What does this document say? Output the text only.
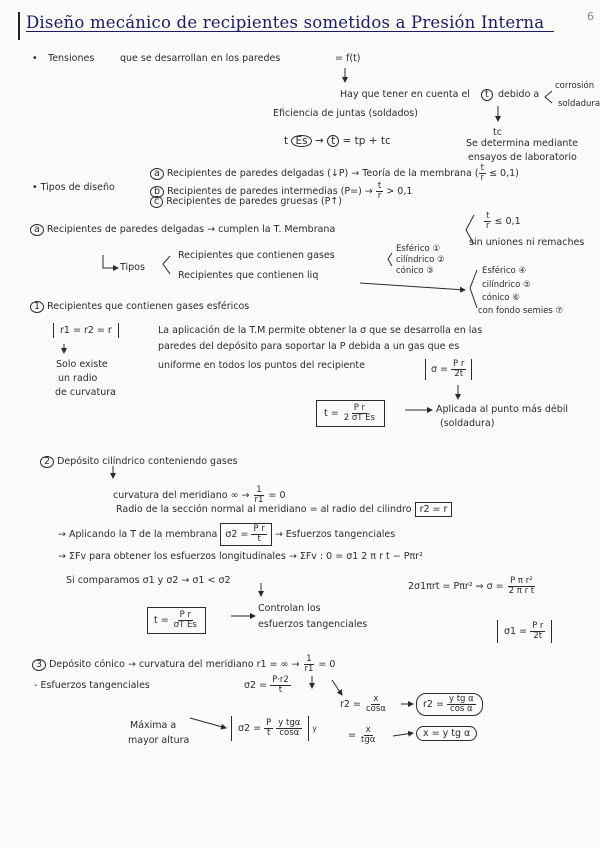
6
Diseño mecánico de recipientes sometidos a Presión Interna
• Tensiones	que se desarrollan en los paredes	= f(t)
Hay que tener en cuenta el	t debido a
corrosión
soldadura
Eficiencia de juntas (soldados)
t Es → t = tp + tc
tc
Se determina mediante
ensayos de laboratorio
• Tipos de diseño
a Recipientes de paredes delgadas (↓P) → Teoría de la membrana ( $\frac{t}{r} \le 0,1$)
b Recipientes de paredes intermedias $(P=) \to \frac{t}{r} > 0,1$
c Recipientes de paredes gruesas (P↑)
a Recipientes de paredes delgadas → cumplen la T. Membrana	$\frac{t}{r} \le 0,1$
sin uniones ni remaches
Tipos
Recipientes que contienen gases
Recipientes que contienen liq
Esférico ①
cilíndrico ②
cónico ③	Esférico ④
cilíndrico ⑤
cónico ⑥
con fondo semies ⑦
1 Recipientes que contienen gases esféricos
r1 = r2 = r	La aplicación de la T.M permite obtener la σ que se desarrolla en las
paredes del depósito para soportar la P debida a un gas que es
uniforme en todos los puntos del recipiente	$\sigma = \frac{\text{P r}}{2t}$
Solo existe
un radio
de curvatura
$t = \frac{\text{P r}}{\text{2 σT Es}}$	Aplicada al punto más débil
(soldadura)
2 Depósito cilíndrico conteniendo gases
curvatura del meridiano ∞ → $\frac{1}{r1} = 0$
Radio de la sección normal al meridiano = al radio del cilindro r2 = r
→ Aplicando la T de la membrana $\sigma 2 = \frac{\text{P r}}{t}$ → Esfuerzos tangenciales
→ ΣFv para obtener los esfuerzos longitudinales → ΣFv : 0 = σ1 2 π r t − Pπr²
Si comparamos σ1 y σ2 → σ1 < σ2
2σ1πrt = Pπr² ⇒ $\sigma = \frac{\text{P π r²}}{\text{2 π r t}}$
$t = \frac{\text{P r}}{\text{σT Es}}$
Controlan los
esfuerzos tangenciales
$\sigma 1 = \frac{\text{P r}}{2t}$
3 Depósito cónico → curvatura del meridiano r1 = ∞ → $\frac{1}{r1} = 0$
- Esfuerzos tangenciales	$\sigma 2 = \frac{P\cdot r2}{t}$
$r2 = \frac{x}{\cos\alpha}$	$r2 = \frac{\text{y tg α}}{\text{cos α}}$
Máxima a
mayor altura
$\sigma 2 = \frac{P}{t}$
$\frac{\text{y tgα}}{\cos\alpha}$ y
= $\frac{x}{\text{tgα}}$	x = y tg α
